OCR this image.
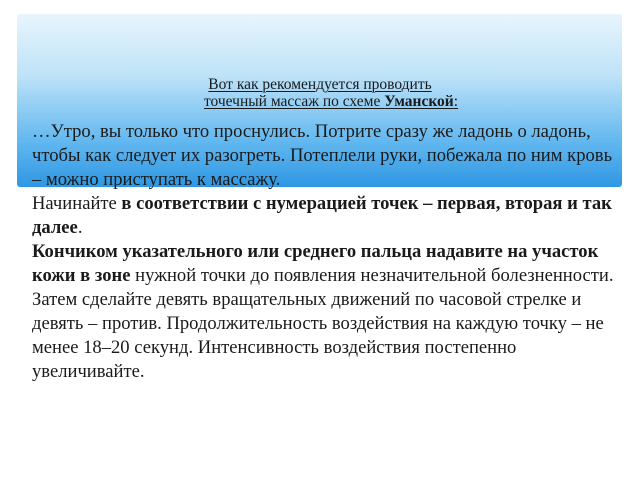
Вот как рекомендуется проводить
точечный массаж по схеме Уманской:

…Утро, вы только что проснулись. Потрите сразу же ладонь о ладонь, чтобы как следует их разогреть. Потеплели руки, побежала по ним кровь – можно приступать к массажу.

Начинайте в соответствии с нумерацией точек – первая, вторая и так далее.

Кончиком указательного или среднего пальца надавите на участок кожи в зоне нужной точки до появления незначительной болезненности. Затем сделайте девять вращательных движений по часовой стрелке и девять – против. Продолжительность воздействия на каждую точку – не менее 18–20 секунд. Интенсивность воздействия постепенно увеличивайте.
